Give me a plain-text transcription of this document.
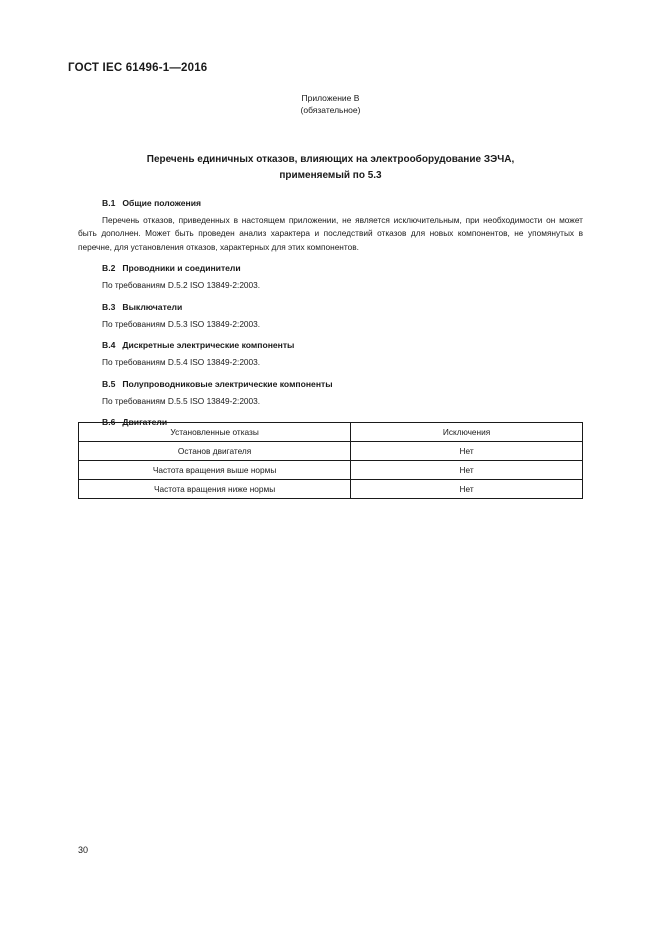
ГОСТ IEC 61496-1—2016
Приложение В
(обязательное)
Перечень единичных отказов, влияющих на электрооборудование ЗЭЧА,
применяемый по 5.3
В.1 Общие положения

Перечень отказов, приведенных в настоящем приложении, не является исключительным, при необходимости он может быть дополнен. Может быть проведен анализ характера и последствий отказов для новых компонентов, не упомянутых в перечне, для установления отказов, характерных для этих компонентов.

В.2 Проводники и соединители

По требованиям D.5.2 ISO 13849-2:2003.

В.3 Выключатели

По требованиям D.5.3 ISO 13849-2:2003.

В.4 Дискретные электрические компоненты

По требованиям D.5.4 ISO 13849-2:2003.

В.5 Полупроводниковые электрические компоненты

По требованиям D.5.5 ISO 13849-2:2003.

В.6 Двигатели
Установленные отказы	Исключения
Останов двигателя	Нет
Частота вращения выше нормы	Нет
Частота вращения ниже нормы	Нет
30
